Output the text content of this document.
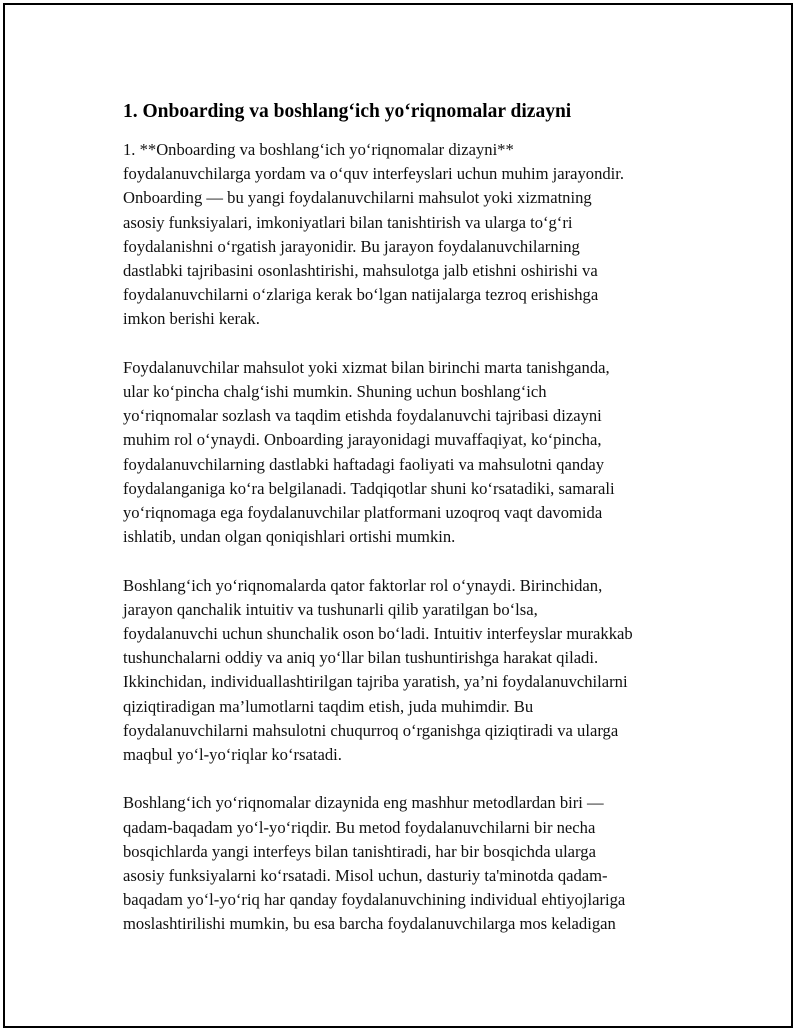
1. Onboarding va boshlang‘ich yo‘riqnomalar dizayni

1. **Onboarding va boshlang‘ich yo‘riqnomalar dizayni**
foydalanuvchilarga yordam va o‘quv interfeyslari uchun muhim jarayondir.
Onboarding — bu yangi foydalanuvchilarni mahsulot yoki xizmatning
asosiy funksiyalari, imkoniyatlari bilan tanishtirish va ularga to‘g‘ri
foydalanishni o‘rgatish jarayonidir. Bu jarayon foydalanuvchilarning
dastlabki tajribasini osonlashtirishi, mahsulotga jalb etishni oshirishi va
foydalanuvchilarni o‘zlariga kerak bo‘lgan natijalarga tezroq erishishga
imkon berishi kerak.

Foydalanuvchilar mahsulot yoki xizmat bilan birinchi marta tanishganda,
ular ko‘pincha chalg‘ishi mumkin. Shuning uchun boshlang‘ich
yo‘riqnomalar sozlash va taqdim etishda foydalanuvchi tajribasi dizayni
muhim rol o‘ynaydi. Onboarding jarayonidagi muvaffaqiyat, ko‘pincha,
foydalanuvchilarning dastlabki haftadagi faoliyati va mahsulotni qanday
foydalanganiga ko‘ra belgilanadi. Tadqiqotlar shuni ko‘rsatadiki, samarali
yo‘riqnomaga ega foydalanuvchilar platformani uzoqroq vaqt davomida
ishlatib, undan olgan qoniqishlari ortishi mumkin.

Boshlang‘ich yo‘riqnomalarda qator faktorlar rol o‘ynaydi. Birinchidan,
jarayon qanchalik intuitiv va tushunarli qilib yaratilgan bo‘lsa,
foydalanuvchi uchun shunchalik oson bo‘ladi. Intuitiv interfeyslar murakkab
tushunchalarni oddiy va aniq yo‘llar bilan tushuntirishga harakat qiladi.
Ikkinchidan, individuallashtirilgan tajriba yaratish, ya’ni foydalanuvchilarni
qiziqtiradigan ma’lumotlarni taqdim etish, juda muhimdir. Bu
foydalanuvchilarni mahsulotni chuqurroq o‘rganishga qiziqtiradi va ularga
maqbul yo‘l-yo‘riqlar ko‘rsatadi.

Boshlang‘ich yo‘riqnomalar dizaynida eng mashhur metodlardan biri —
qadam-baqadam yo‘l-yo‘riqdir. Bu metod foydalanuvchilarni bir necha
bosqichlarda yangi interfeys bilan tanishtiradi, har bir bosqichda ularga
asosiy funksiyalarni ko‘rsatadi. Misol uchun, dasturiy ta'minotda qadam-
baqadam yo‘l-yo‘riq har qanday foydalanuvchining individual ehtiyojlariga
moslashtirilishi mumkin, bu esa barcha foydalanuvchilarga mos keladigan
